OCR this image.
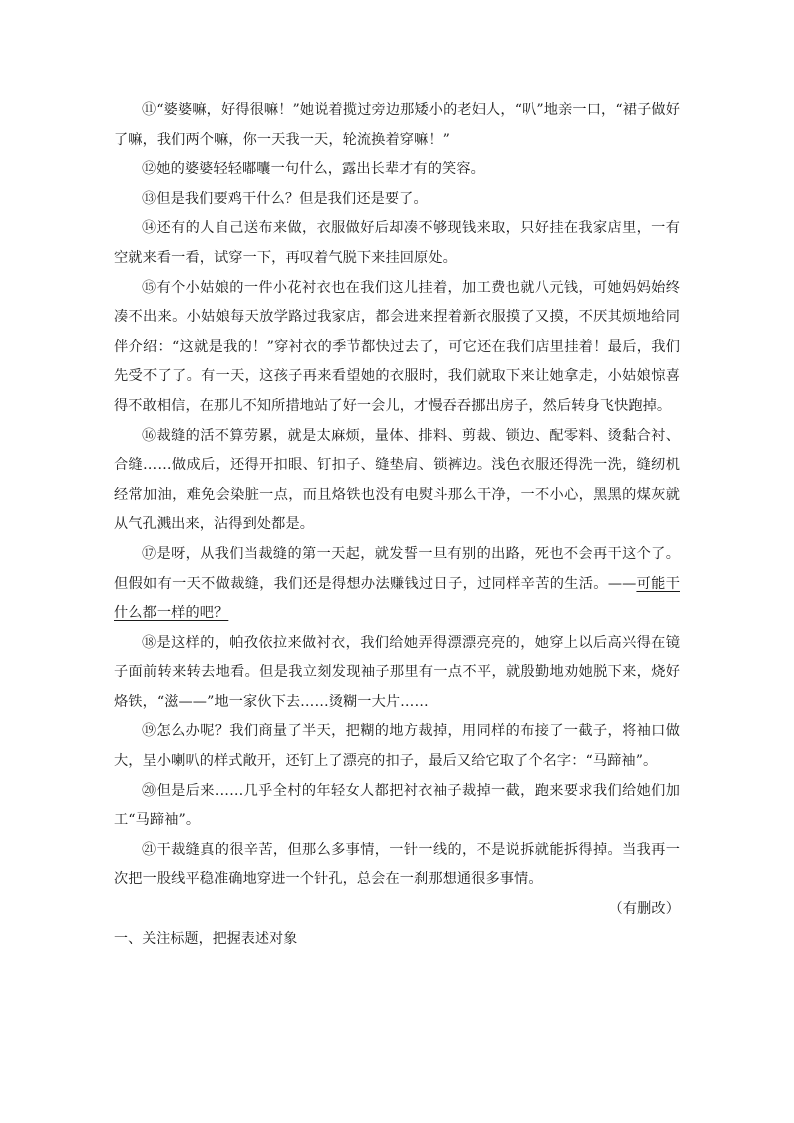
⑪“婆婆嘛，好得很嘛！”她说着揽过旁边那矮小的老妇人，“叭”地亲一口，“裙子做好了嘛，我们两个嘛，你一天我一天，轮流换着穿嘛！”

⑫她的婆婆轻轻嘟囔一句什么，露出长辈才有的笑容。

⑬但是我们要鸡干什么？但是我们还是要了。

⑭还有的人自己送布来做，衣服做好后却凑不够现钱来取，只好挂在我家店里，一有空就来看一看，试穿一下，再叹着气脱下来挂回原处。

⑮有个小姑娘的一件小花衬衣也在我们这儿挂着，加工费也就八元钱，可她妈妈始终凑不出来。小姑娘每天放学路过我家店，都会进来捏着新衣服摸了又摸，不厌其烦地给同伴介绍：“这就是我的！”穿衬衣的季节都快过去了，可它还在我们店里挂着！最后，我们先受不了了。有一天，这孩子再来看望她的衣服时，我们就取下来让她拿走，小姑娘惊喜得不敢相信，在那儿不知所措地站了好一会儿，才慢吞吞挪出房子，然后转身飞快跑掉。

⑯裁缝的活不算劳累，就是太麻烦，量体、排料、剪裁、锁边、配零料、烫黏合衬、合缝……做成后，还得开扣眼、钉扣子、缝垫肩、锁裤边。浅色衣服还得洗一洗，缝纫机经常加油，难免会染脏一点，而且烙铁也没有电熨斗那么干净，一不小心，黑黑的煤灰就从气孔溅出来，沾得到处都是。

⑰是呀，从我们当裁缝的第一天起，就发誓一旦有别的出路，死也不会再干这个了。但假如有一天不做裁缝，我们还是得想办法赚钱过日子，过同样辛苦的生活。——可能干什么都一样的吧？

⑱是这样的，帕孜依拉来做衬衣，我们给她弄得漂漂亮亮的，她穿上以后高兴得在镜子面前转来转去地看。但是我立刻发现袖子那里有一点不平，就殷勤地劝她脱下来，烧好烙铁，“滋——”地一家伙下去……烫糊一大片……

⑲怎么办呢？我们商量了半天，把糊的地方裁掉，用同样的布接了一截子，将袖口做大，呈小喇叭的样式敞开，还钉上了漂亮的扣子，最后又给它取了个名字：“马蹄袖”。

⑳但是后来……几乎全村的年轻女人都把衬衣袖子裁掉一截，跑来要求我们给她们加工“马蹄袖”。

㉑干裁缝真的很辛苦，但那么多事情，一针一线的，不是说拆就能拆得掉。当我再一次把一股线平稳准确地穿进一个针孔，总会在一刹那想通很多事情。

（有删改）

一、关注标题，把握表述对象
